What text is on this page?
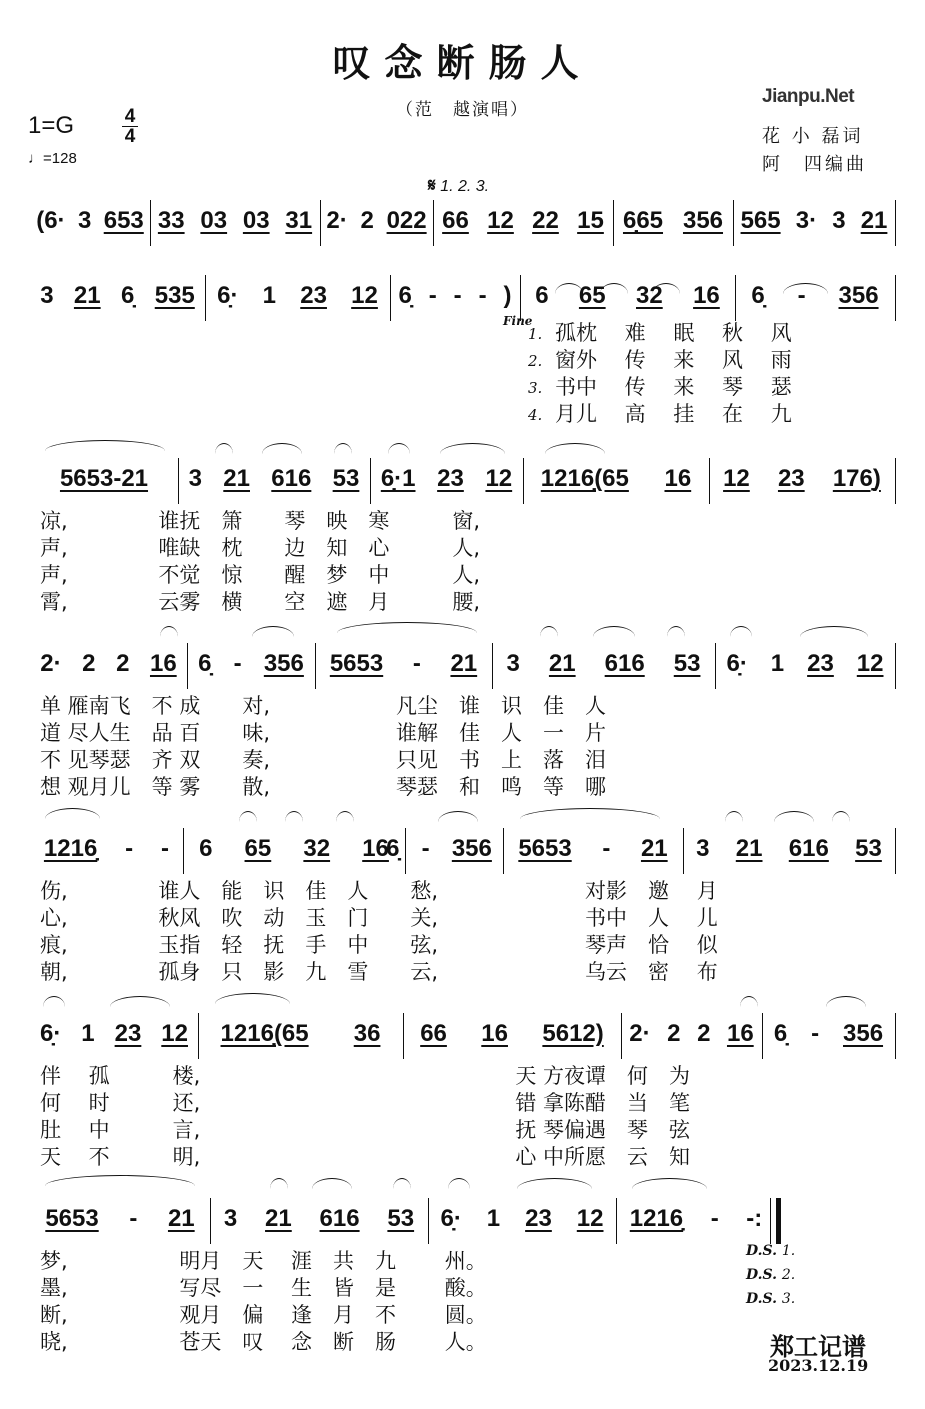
叹念断肠人
（范　越演唱）
1=G	4
4
♩=128
Jianpu.Net
花 小 磊词
阿　四编曲
𝄋 1. 2. 3.
(6· 3 653 33 03 03 31 2· 2 022 66 12 22 15 6̣65 356 565 3· 3 21
3 21 6̣ 535 6̣· 1 23 12 6̣ - - - ) 6 65 32 16 6̣ - 356
5653-21 3 21 616 53 6̣·1 23 12 1216̣(65 16 12 23 176̣)
2· 2 2 16 6̣ - 356 5653 - 21 3 21 616 53 6̣· 1 23 12
1216̣ - - 6 65 32 16
6̣ - 356 5653 - 21 3 21 616 53
6̣· 1 23 12 1216̣(65 36 66 16 5612) 2· 2 2 16 6̣ - 356
5653 - 21 3 21 616 53 6̣· 1 23 12 1216̣ - -:
孤枕　 难　 眠　 秋　 风
1.
窗外　 传　 来　 风　 雨
2.
书中　 传　 来　 琴　 瑟
3.
月儿　 高　 挂　 在　 九
4.
凉,　　　　 谁抚　箫　　琴　映　寒　　　窗,
声,　　　　 唯缺　枕　　边　知　心　　　人,
声,　　　　 不觉　惊　　醒　梦　中　　　人,
霄,　　　　 云雾　横　　空　遮　月　　　腰,
单 雁南飞　不 成　　对,　　　　　　凡尘　谁　识　佳　人
道 尽人生　品 百　　味,　　　　　　谁解　佳　人　一　片
不 见琴瑟　齐 双　　奏,　　　　　　只见　书　上　落　泪
想 观月儿　等 雾　　散,　　　　　　琴瑟　和　鸣　等　哪
伤,　　　　 谁人　能　识　佳　人　　愁,　　　　　　　对影　邀　 月
心,　　　　 秋风　吹　动　玉　门　　关,　　　　　　　书中　人　 儿
痕,　　　　 玉指　轻　抚　手　中　　弦,　　　　　　　琴声　恰　 似
朝,　　　　 孤身　只　影　九　雪　　云,　　　　　　　乌云　密　 布
伴　 孤　　　楼,　　　　　　　　　　　　　　　天 方夜谭　何　为
何　 时　　　还,　　　　　　　　　　　　　　　错 拿陈醋　当　笔
肚　 中　　　言,　　　　　　　　　　　　　　　抚 琴偏遇　琴　弦
天　 不　　　明,　　　　　　　　　　　　　　　心 中所愿　云　知
梦,　　　　　 明月　天　 涯　共　九　　 州。
墨,　　　　　 写尽　一　 生　皆　是　　 酸。
断,　　　　　 观月　偏　 逢　月　不　　 圆。
晓,　　　　　 苍天　叹　 念　断　肠　　 人。
Fine
D.S. 1.
D.S. 2.
D.S. 3.
郑工记谱
2023.12.19
